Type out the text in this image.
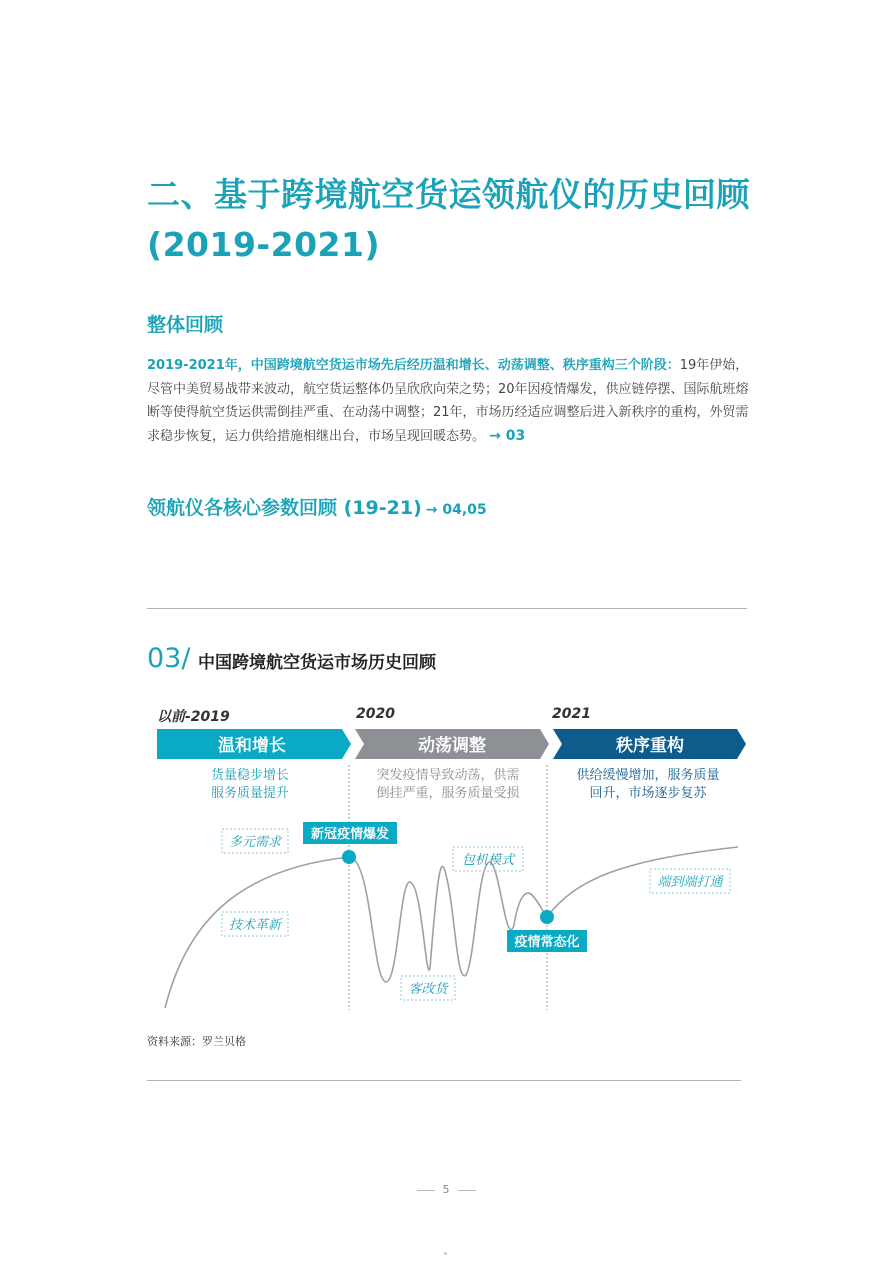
二、基于跨境航空货运领航仪的历史回顾
(2019-2021)
整体回顾
2019-2021年，中国跨境航空货运市场先后经历温和增长、动荡调整、秩序重构三个阶段：19年伊始，尽管中美贸易战带来波动，航空货运整体仍呈欣欣向荣之势；20年因疫情爆发，供应链停摆、国际航班熔断等使得航空货运供需倒挂严重、在动荡中调整；21年，市场历经适应调整后进入新秩序的重构，外贸需求稳步恢复，运力供给措施相继出台，市场呈现回暖态势。 → 03
领航仪各核心参数回顾 (19-21) → 04,05
03/ 中国跨境航空货运市场历史回顾
以前-2019	2020	2021
货量稳步增长
服务质量提升
突发疫情导致动荡，供需
倒挂严重，服务质量受损
供给缓慢增加，服务质量
回升，市场逐步复苏
温和增长	动荡调整	秩序重构
多元需求
技术革新
包机模式
客改货
端到端打通
新冠疫情爆发
疫情常态化
资料来源：罗兰贝格
5
